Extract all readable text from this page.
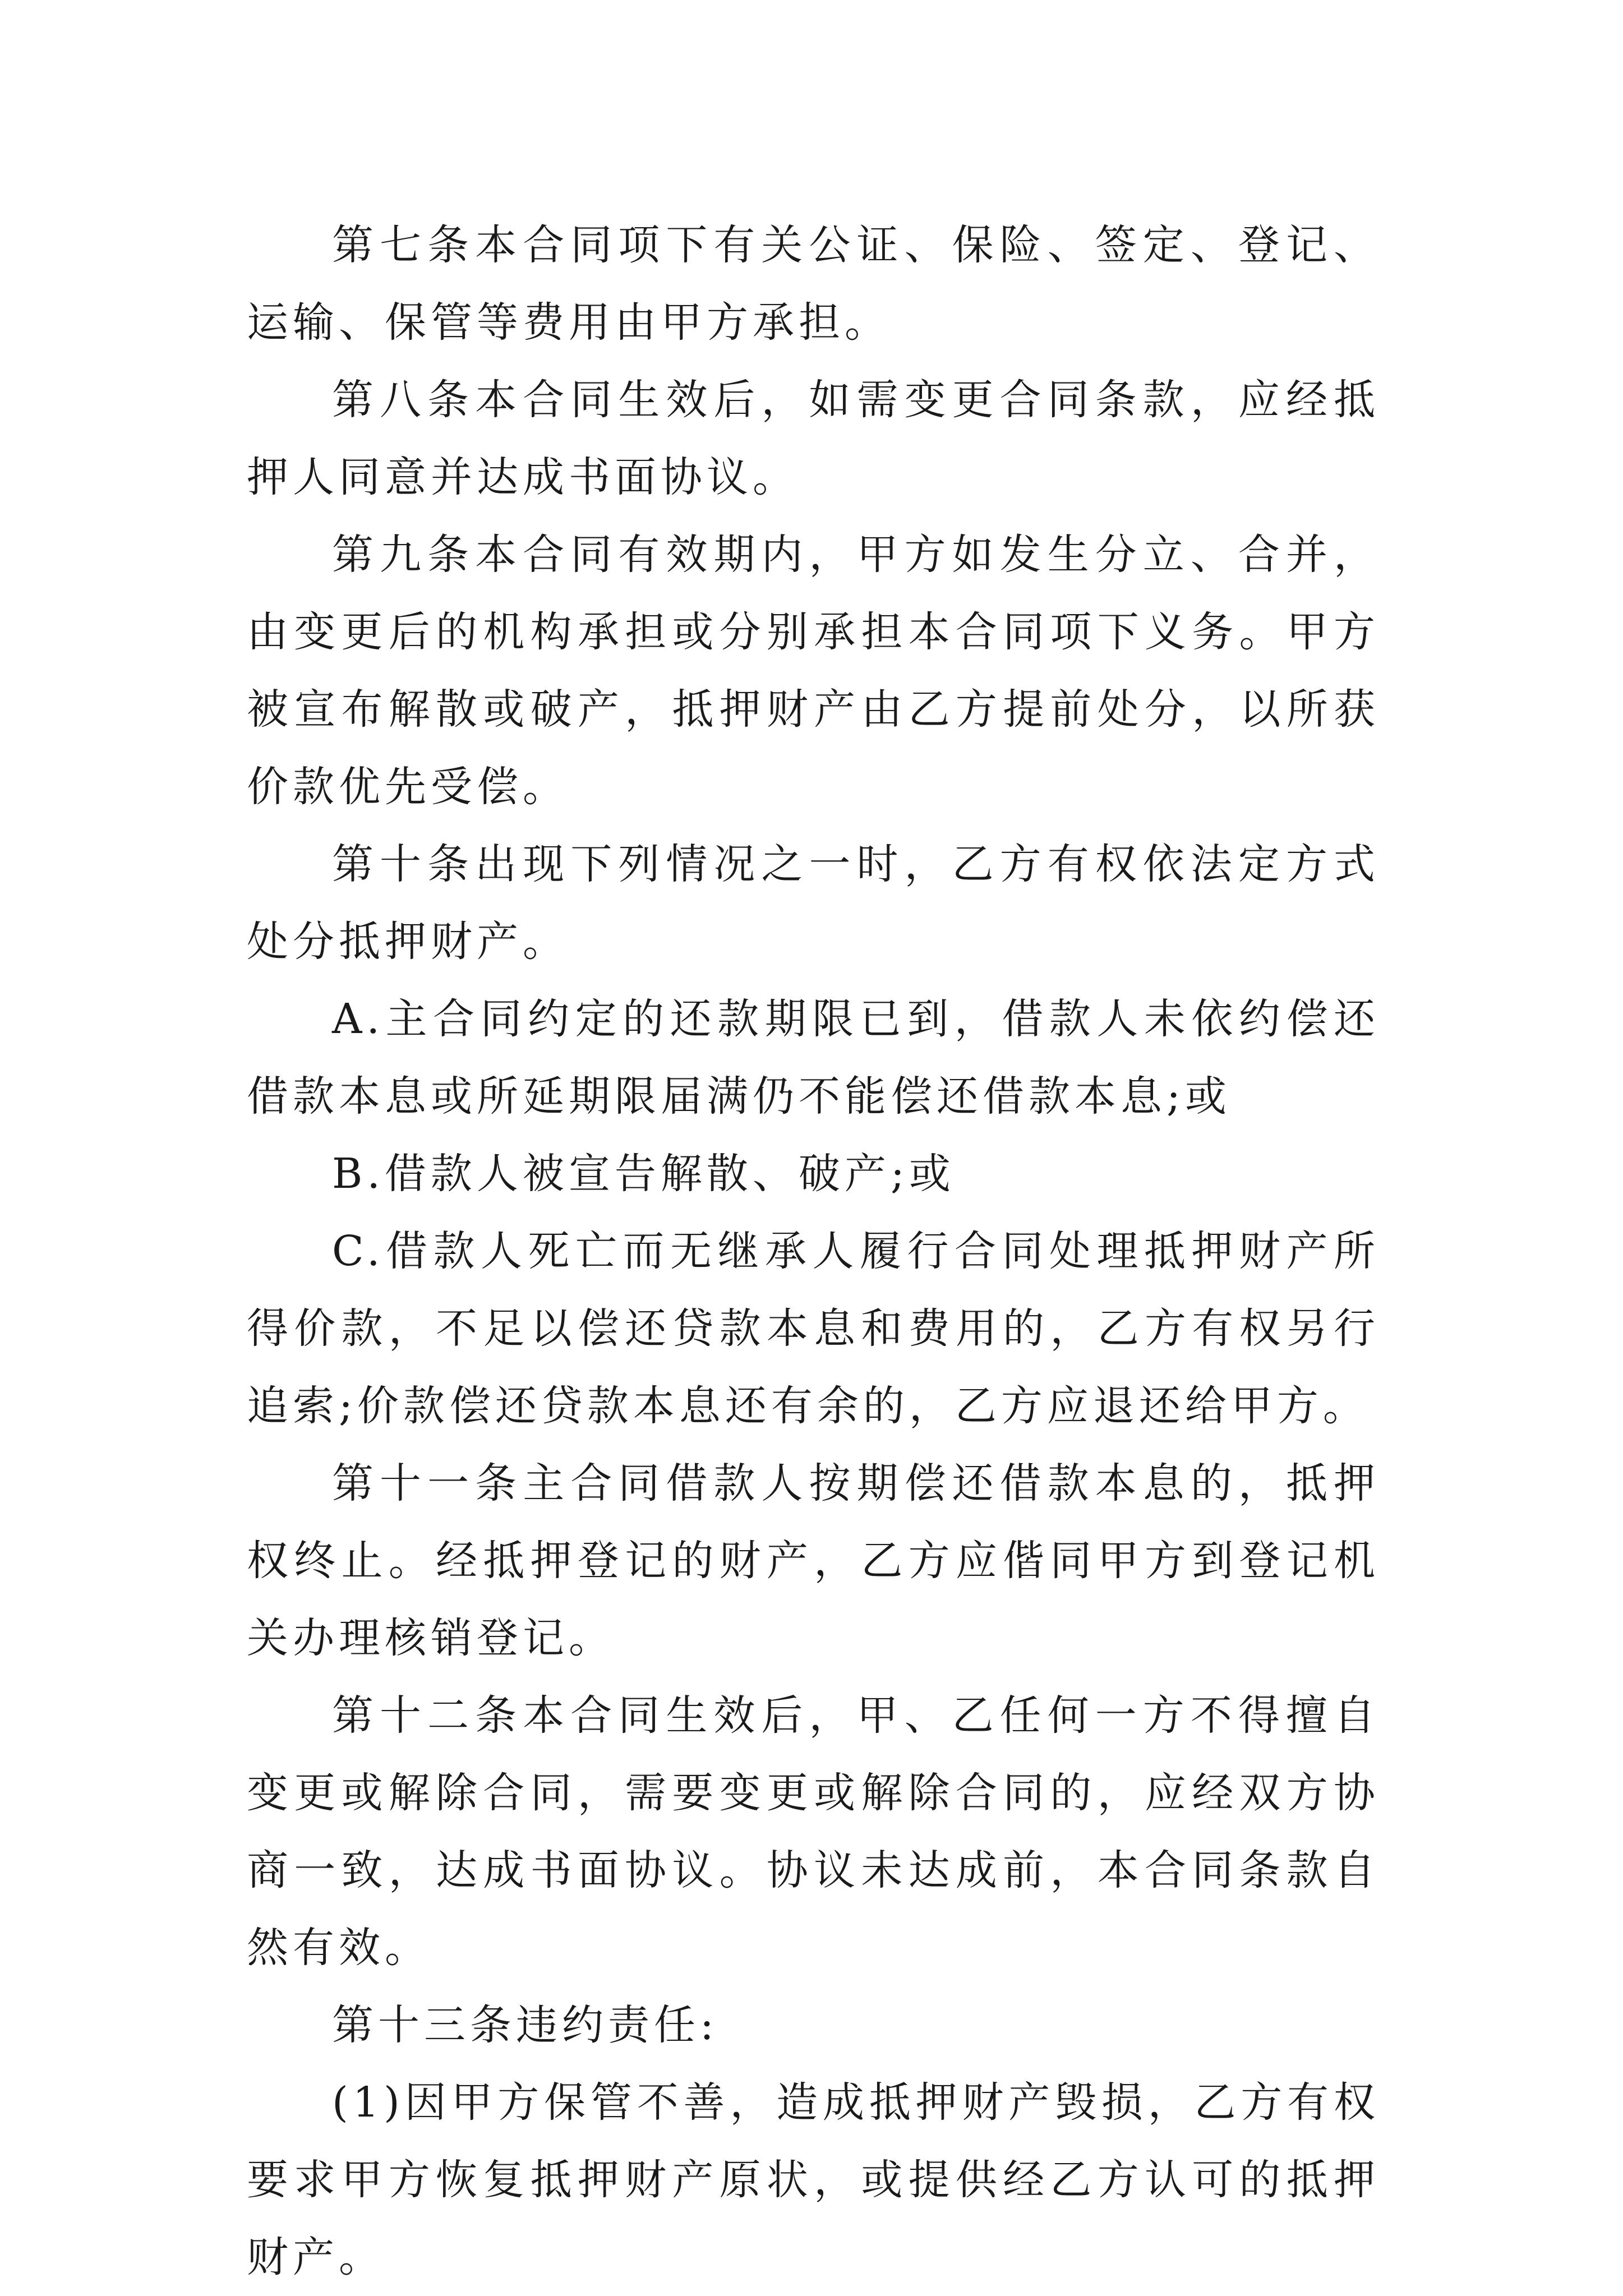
第七条本合同项下有关公证、保险、签定、登记、运输、保管等费用由甲方承担。

第八条本合同生效后，如需变更合同条款，应经抵押人同意并达成书面协议。

第九条本合同有效期内，甲方如发生分立、合并，由变更后的机构承担或分别承担本合同项下义务。甲方被宣布解散或破产，抵押财产由乙方提前处分，以所获价款优先受偿。

第十条出现下列情况之一时，乙方有权依法定方式处分抵押财产。

A.主合同约定的还款期限已到，借款人未依约偿还借款本息或所延期限届满仍不能偿还借款本息;或

B.借款人被宣告解散、破产;或

C.借款人死亡而无继承人履行合同处理抵押财产所得价款，不足以偿还贷款本息和费用的，乙方有权另行追索;价款偿还贷款本息还有余的，乙方应退还给甲方。

第十一条主合同借款人按期偿还借款本息的，抵押权终止。经抵押登记的财产，乙方应偕同甲方到登记机关办理核销登记。

第十二条本合同生效后，甲、乙任何一方不得擅自变更或解除合同，需要变更或解除合同的，应经双方协商一致，达成书面协议。协议未达成前，本合同条款自然有效。

第十三条违约责任:

(1)因甲方保管不善，造成抵押财产毁损，乙方有权要求甲方恢复抵押财产原状，或提供经乙方认可的抵押财产。
